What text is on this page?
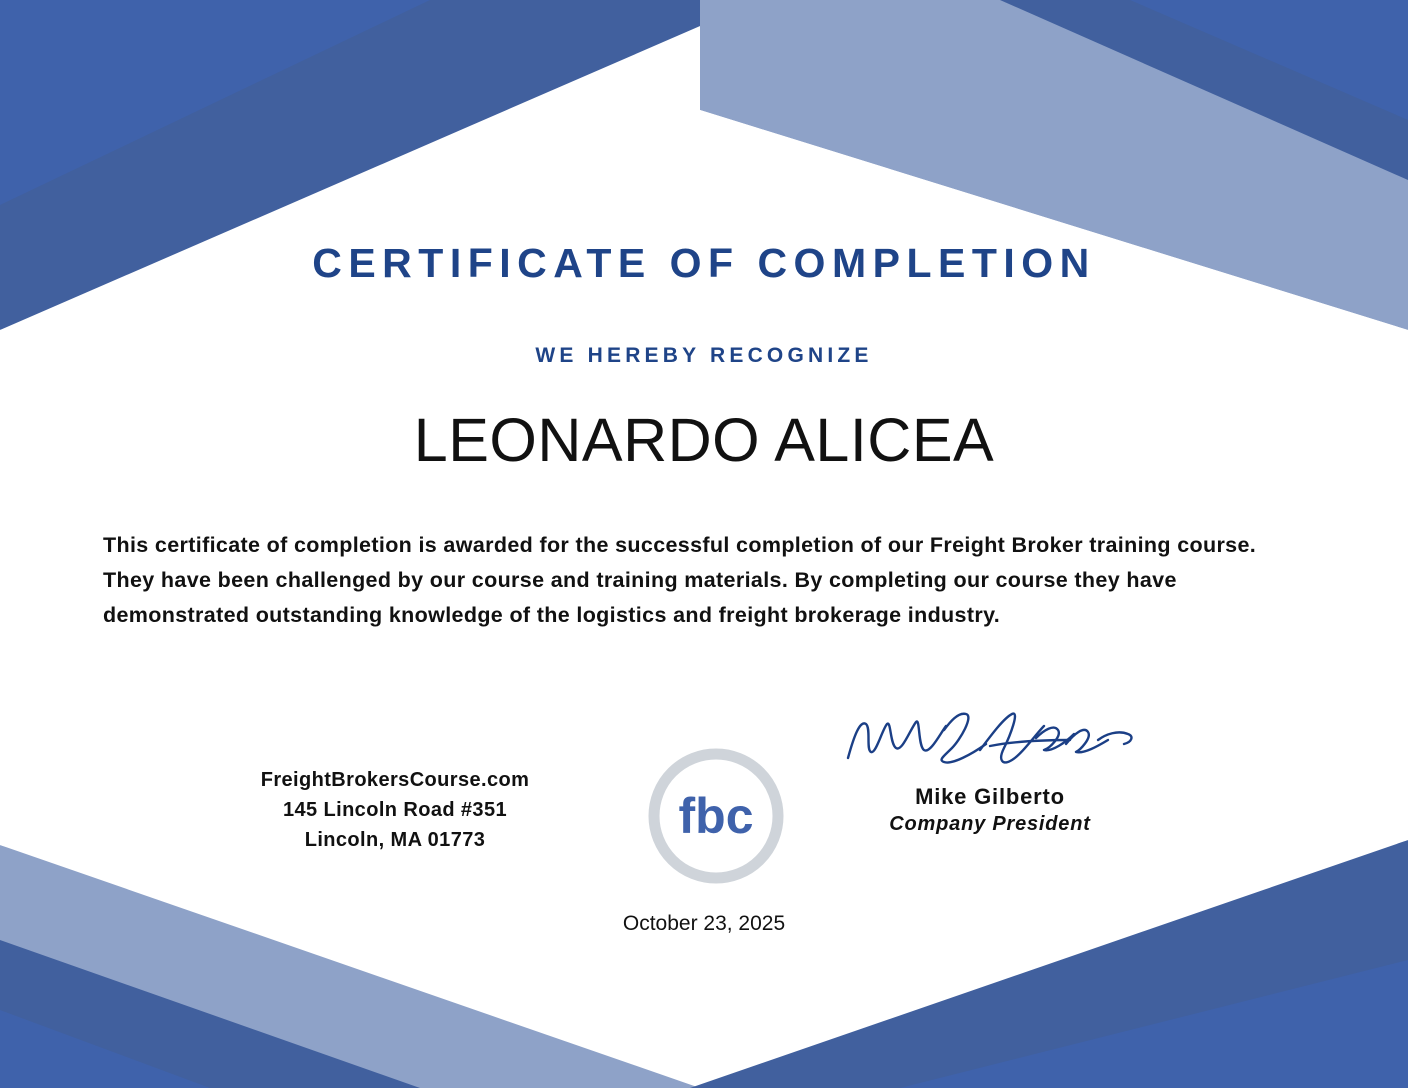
CERTIFICATE OF COMPLETION
WE HEREBY RECOGNIZE
LEONARDO ALICEA
This certificate of completion is awarded for the successful completion of our Freight Broker training course. They have been challenged by our course and training materials. By completing our course they have demonstrated outstanding knowledge of the logistics and freight brokerage industry.
FreightBrokersCourse.com
145 Lincoln Road #351
Lincoln, MA 01773	fbc	Mike Gilberto
Company President
October 23, 2025
